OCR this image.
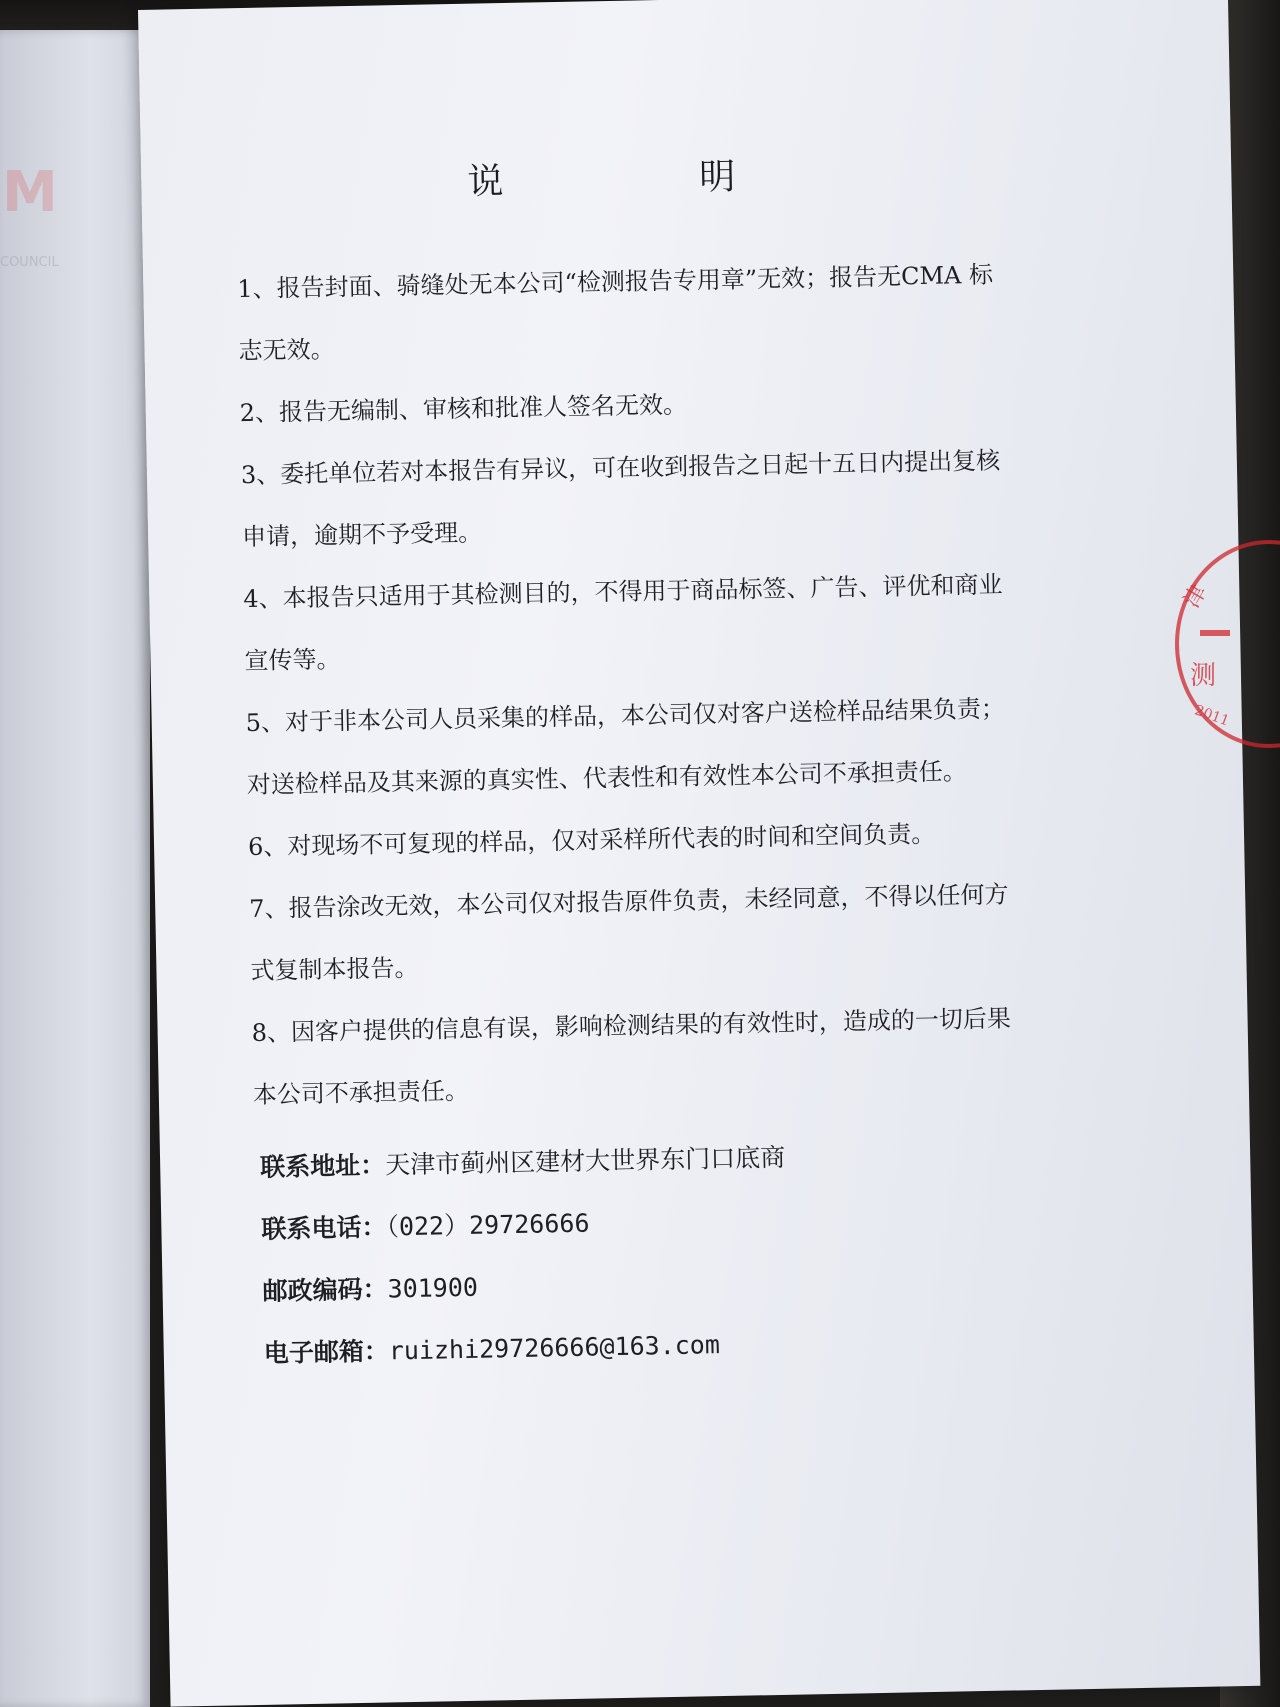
M
COUNCIL
说　明
1、报告封面、骑缝处无本公司“检测报告专用章”无效；报告无CMA 标志无效。
2、报告无编制、审核和批准人签名无效。
3、委托单位若对本报告有异议，可在收到报告之日起十五日内提出复核申请，逾期不予受理。
4、本报告只适用于其检测目的，不得用于商品标签、广告、评优和商业宣传等。
5、对于非本公司人员采集的样品，本公司仅对客户送检样品结果负责；对送检样品及其来源的真实性、代表性和有效性本公司不承担责任。
6、对现场不可复现的样品，仅对采样所代表的时间和空间负责。
7、报告涂改无效，本公司仅对报告原件负责，未经同意，不得以任何方式复制本报告。
8、因客户提供的信息有误，影响检测结果的有效性时，造成的一切后果本公司不承担责任。
联系地址：天津市蓟州区建材大世界东门口底商
联系电话：（022）29726666
邮政编码：301900
电子邮箱：ruizhi29726666@163.com
津
测
2011
